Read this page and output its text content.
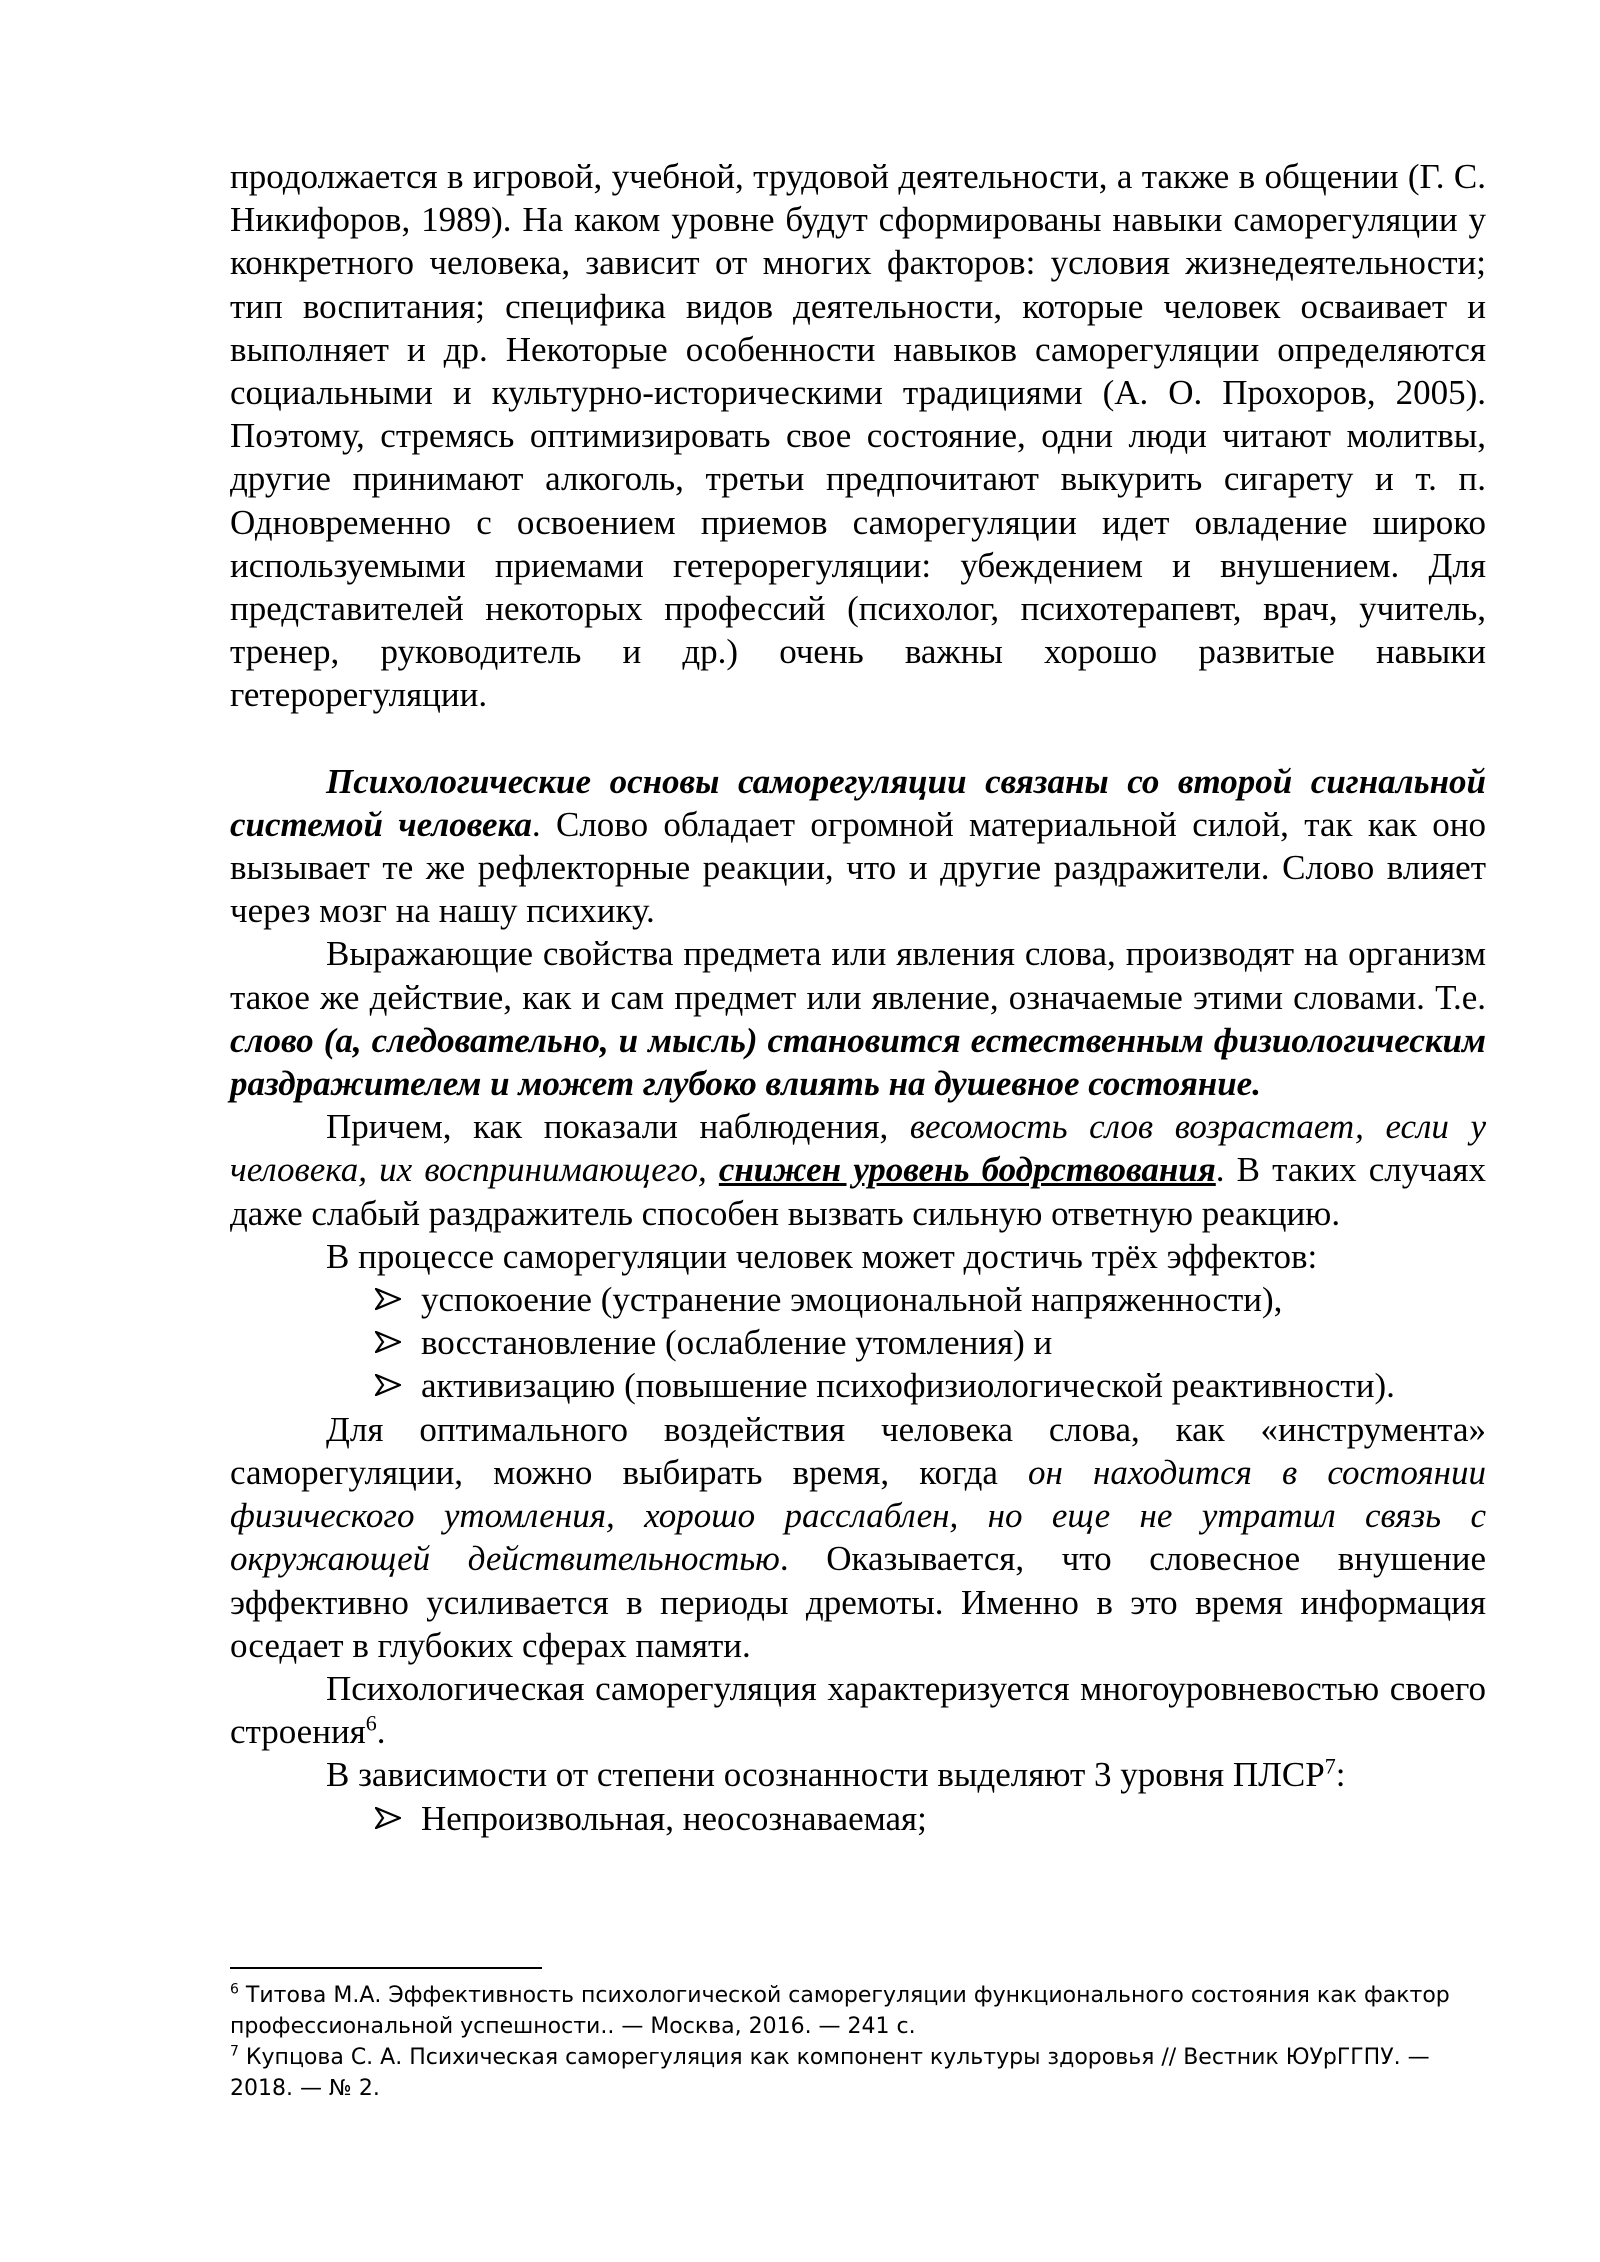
продолжается в игровой, учебной, трудовой деятельности, а также в общении (Г. С. Никифоров, 1989). На каком уровне будут сформированы навыки саморегуляции у конкретного человека, зависит от многих факторов: условия жизнедеятельности; тип воспитания; специфика видов деятельности, которые человек осваивает и выполняет и др. Некоторые особенности навыков саморегуляции определяются социальными и культурно-историческими традициями (А. О. Прохоров, 2005). Поэтому, стремясь оптимизировать свое состояние, одни люди читают молитвы, другие принимают алкоголь, третьи предпочитают выкурить сигарету и т. п. Одновременно с освоением приемов саморегуляции идет овладение широко используемыми приемами гетерорегуляции: убеждением и внушением. Для представителей некоторых профессий (психолог, психотерапевт, врач, учитель, тренер, руководитель и др.) очень важны хорошо развитые навыки гетерорегуляции.

Психологические основы саморегуляции связаны со второй сигнальной системой человека. Слово обладает огромной материальной силой, так как оно вызывает те же рефлекторные реакции, что и другие раздражители. Слово влияет через мозг на нашу психику.

Выражающие свойства предмета или явления слова, производят на организм такое же действие, как и сам предмет или явление, означаемые этими словами. Т.е. слово (а, следовательно, и мысль) становится естественным физиологическим раздражителем и может глубоко влиять на душевное состояние.

Причем, как показали наблюдения, весомость слов возрастает, если у человека, их воспринимающего, снижен уровень бодрствования. В таких случаях даже слабый раздражитель способен вызвать сильную ответную реакцию.

В процессе саморегуляции человек может достичь трёх эффектов:

успокоение (устранение эмоциональной напряженности),
восстановление (ослабление утомления) и
активизацию (повышение психофизиологической реактивности).

Для оптимального воздействия человека слова, как «инструмента» саморегуляции, можно выбирать время, когда он находится в состоянии физического утомления, хорошо расслаблен, но еще не утратил связь с окружающей действительностью. Оказывается, что словесное внушение эффективно усиливается в периоды дремоты. Именно в это время информация оседает в глубоких сферах памяти.

Психологическая саморегуляция характеризуется многоуровневостью своего строения$^6$.

В зависимости от степени осознанности выделяют 3 уровня ПЛСР$^7$:

Непроизвольная, неосознаваемая;

$^6$ Титова М.А. Эффективность психологической саморегуляции функционального состояния как фактор профессиональной успешности.. — Москва, 2016. — 241 с.

$^7$ Купцова С. А. Психическая саморегуляция как компонент культуры здоровья // Вестник ЮУрГГПУ. — 2018. — № 2.
